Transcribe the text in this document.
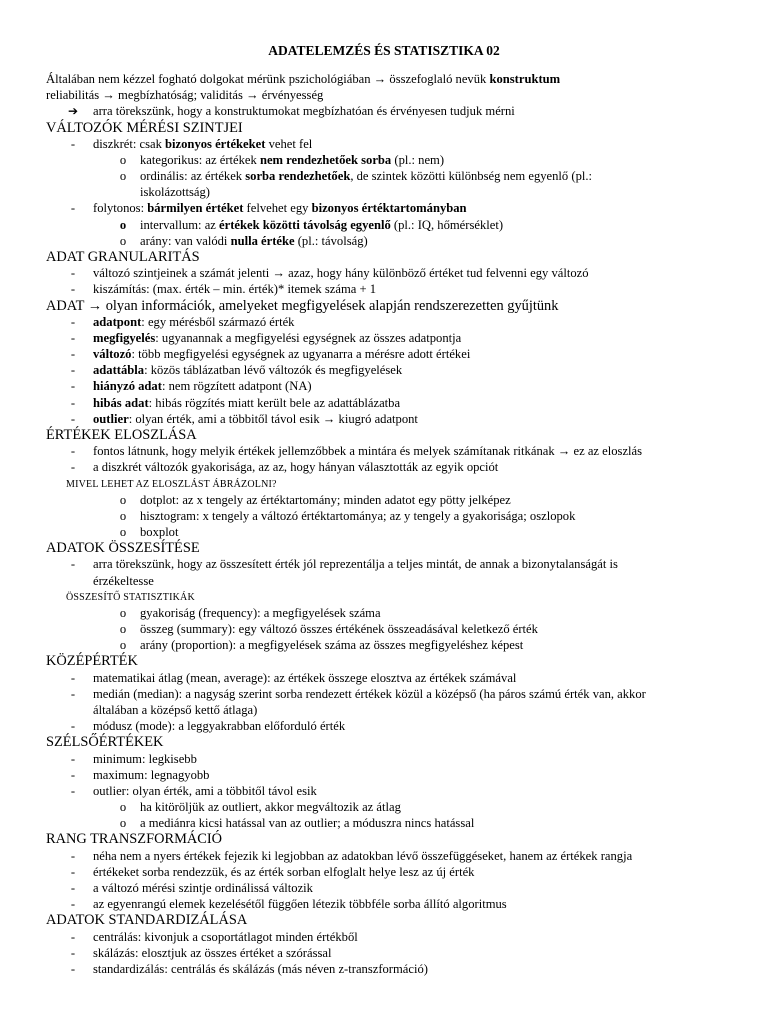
ADATELEMZÉS ÉS STATISZTIKA 02
Általában nem kézzel fogható dolgokat mérünk pszichológiában → összefoglaló nevük konstruktum
reliabilitás → megbízhatóság; validitás → érvényesség
➔ arra törekszünk, hogy a konstruktumokat megbízhatóan és érvényesen tudjuk mérni
VÁLTOZÓK MÉRÉSI SZINTJEI
-	diszkrét: csak bizonyos értékeket vehet fel
o	kategorikus: az értékek nem rendezhetőek sorba (pl.: nem)
o	ordinális: az értékek sorba rendezhetőek, de szintek közötti különbség nem egyenlő (pl.:
iskolázottság)
-	folytonos: bármilyen értéket felvehet egy bizonyos értéktartományban
o	intervallum: az értékek közötti távolság egyenlő (pl.: IQ, hőmérséklet)
o	arány: van valódi nulla értéke (pl.: távolság)
ADAT GRANULARITÁS
-	változó szintjeinek a számát jelenti → azaz, hogy hány különböző értéket tud felvenni egy változó
-	kiszámítás: (max. érték – min. érték)* itemek száma + 1
ADAT → olyan információk, amelyeket megfigyelések alapján rendszerezetten gyűjtünk
-	adatpont: egy mérésből származó érték
-	megfigyelés: ugyanannak a megfigyelési egységnek az összes adatpontja
-	változó: több megfigyelési egységnek az ugyanarra a mérésre adott értékei
-	adattábla: közös táblázatban lévő változók és megfigyelések
-	hiányzó adat: nem rögzített adatpont (NA)
-	hibás adat: hibás rögzítés miatt került bele az adattáblázatba
-	outlier: olyan érték, ami a többitől távol esik → kiugró adatpont
ÉRTÉKEK ELOSZLÁSA
-	fontos látnunk, hogy melyik értékek jellemzőbbek a mintára és melyek számítanak ritkának → ez az eloszlás
-	a diszkrét változók gyakorisága, az az, hogy hányan választották az egyik opciót
MIVEL LEHET AZ ELOSZLÁST ÁBRÁZOLNI?
o	dotplot: az x tengely az értéktartomány; minden adatot egy pötty jelképez
o	hisztogram: x tengely a változó értéktartománya; az y tengely a gyakorisága; oszlopok
o	boxplot
ADATOK ÖSSZESÍTÉSE
-	arra törekszünk, hogy az összesített érték jól reprezentálja a teljes mintát, de annak a bizonytalanságát is
érzékeltesse
ÖSSZESÍTŐ STATISZTIKÁK
o	gyakoriság (frequency): a megfigyelések száma
o	összeg (summary): egy változó összes értékének összeadásával keletkező érték
o	arány (proportion): a megfigyelések száma az összes megfigyeléshez képest
KÖZÉPÉRTÉK
-	matematikai átlag (mean, average): az értékek összege elosztva az értékek számával
-	medián (median): a nagyság szerint sorba rendezett értékek közül a középső (ha páros számú érték van, akkor
általában a középső kettő átlaga)
-	módusz (mode): a leggyakrabban előforduló érték
SZÉLSŐÉRTÉKEK
-	minimum: legkisebb
-	maximum: legnagyobb
-	outlier: olyan érték, ami a többitől távol esik
o	ha kitöröljük az outliert, akkor megváltozik az átlag
o	a mediánra kicsi hatással van az outlier; a móduszra nincs hatással
RANG TRANSZFORMÁCIÓ
-	néha nem a nyers értékek fejezik ki legjobban az adatokban lévő összefüggéseket, hanem az értékek rangja
-	értékeket sorba rendezzük, és az érték sorban elfoglalt helye lesz az új érték
-	a változó mérési szintje ordinálissá változik
-	az egyenrangú elemek kezelésétől függően létezik többféle sorba állító algoritmus
ADATOK STANDARDIZÁLÁSA
-	centrálás: kivonjuk a csoportátlagot minden értékből
-	skálázás: elosztjuk az összes értéket a szórással
-	standardizálás: centrálás és skálázás (más néven z-transzformáció)
